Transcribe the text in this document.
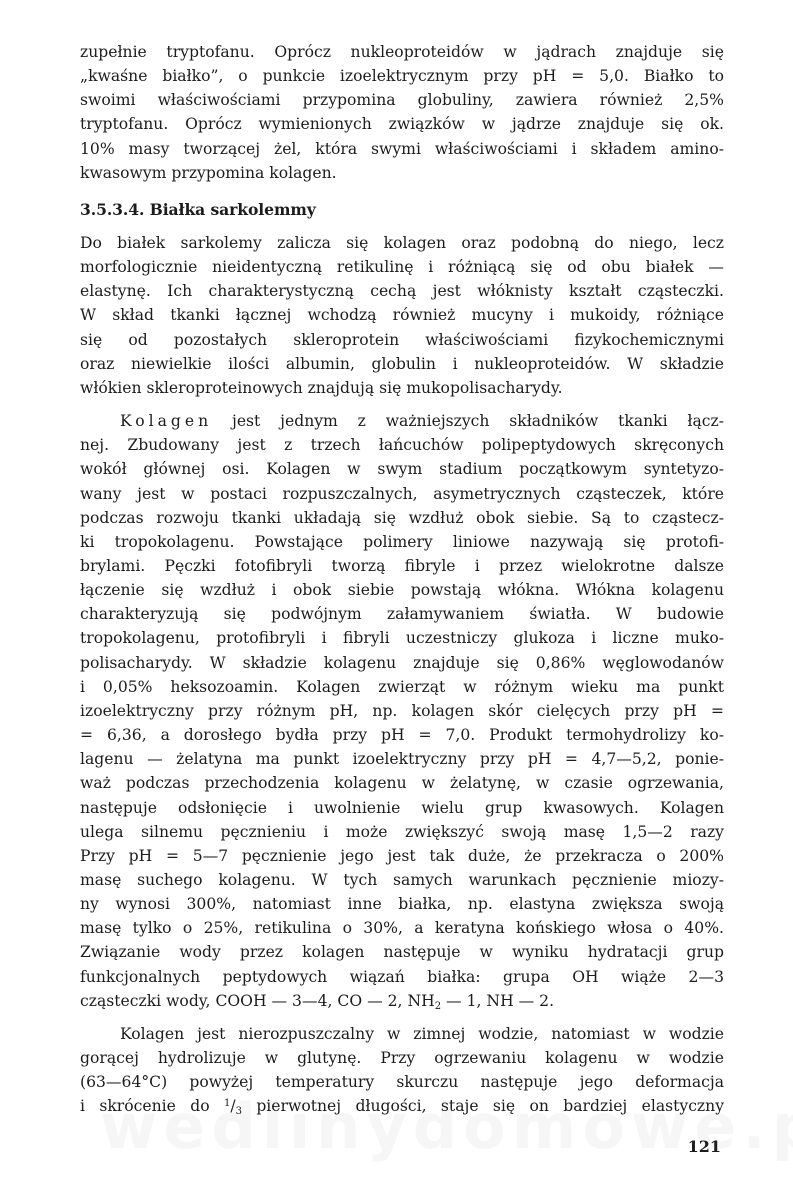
zupełnie tryptofanu. Oprócz nukleoproteidów w jądrach znajduje się
„kwaśne białko”, o punkcie izoelektrycznym przy pH = 5,0. Białko to
swoimi właściwościami przypomina globuliny, zawiera również 2,5%
tryptofanu. Oprócz wymienionych związków w jądrze znajduje się ok.
10% masy tworzącej żel, która swymi właściwościami i składem amino-
kwasowym przypomina kolagen.

3.5.3.4. Białka sarkolemmy

Do białek sarkolemy zalicza się kolagen oraz podobną do niego, lecz
morfologicznie nieidentyczną retikulinę i różniącą się od obu białek —
elastynę. Ich charakterystyczną cechą jest włóknisty kształt cząsteczki.
W skład tkanki łącznej wchodzą również mucyny i mukoidy, różniące
się od pozostałych skleroprotein właściwościami fizykochemicznymi
oraz niewielkie ilości albumin, globulin i nukleoproteidów. W składzie
włókien skleroproteinowych znajdują się mukopolisacharydy.

Kolagen jest jednym z ważniejszych składników tkanki łącz-
nej. Zbudowany jest z trzech łańcuchów polipeptydowych skręconych
wokół głównej osi. Kolagen w swym stadium początkowym syntetyzo-
wany jest w postaci rozpuszczalnych, asymetrycznych cząsteczek, które
podczas rozwoju tkanki układają się wzdłuż obok siebie. Są to cząstecz-
ki tropokolagenu. Powstające polimery liniowe nazywają się protofi-
brylami. Pęczki fotofibryli tworzą fibryle i przez wielokrotne dalsze
łączenie się wzdłuż i obok siebie powstają włókna. Włókna kolagenu
charakteryzują się podwójnym załamywaniem światła. W budowie
tropokolagenu, protofibryli i fibryli uczestniczy glukoza i liczne muko-
polisacharydy. W składzie kolagenu znajduje się 0,86% węglowodanów
i 0,05% heksozoamin. Kolagen zwierząt w różnym wieku ma punkt
izoelektryczny przy różnym pH, np. kolagen skór cielęcych przy pH =
= 6,36, a dorosłego bydła przy pH = 7,0. Produkt termohydrolizy ko-
lagenu — żelatyna ma punkt izoelektryczny przy pH = 4,7—5,2, ponie-
waż podczas przechodzenia kolagenu w żelatynę, w czasie ogrzewania,
następuje odsłonięcie i uwolnienie wielu grup kwasowych. Kolagen
ulega silnemu pęcznieniu i może zwiększyć swoją masę 1,5—2 razy
Przy pH = 5—7 pęcznienie jego jest tak duże, że przekracza o 200%
masę suchego kolagenu. W tych samych warunkach pęcznienie miozy-
ny wynosi 300%, natomiast inne białka, np. elastyna zwiększa swoją
masę tylko o 25%, retikulina o 30%, a keratyna końskiego włosa o 40%.
Związanie wody przez kolagen następuje w wyniku hydratacji grup
funkcjonalnych peptydowych wiązań białka: grupa OH wiąże 2—3
cząsteczki wody, COOH — 3—4, CO — 2, $NH_2$ — 1, NH — 2.

Kolagen jest nierozpuszczalny w zimnej wodzie, natomiast w wodzie
gorącej hydrolizuje w glutynę. Przy ogrzewaniu kolagenu w wodzie
(63—64°C) powyżej temperatury skurczu następuje jego deformacja
i skrócenie do $^1/_3$ pierwotnej długości, staje się on bardziej elastyczny

121
